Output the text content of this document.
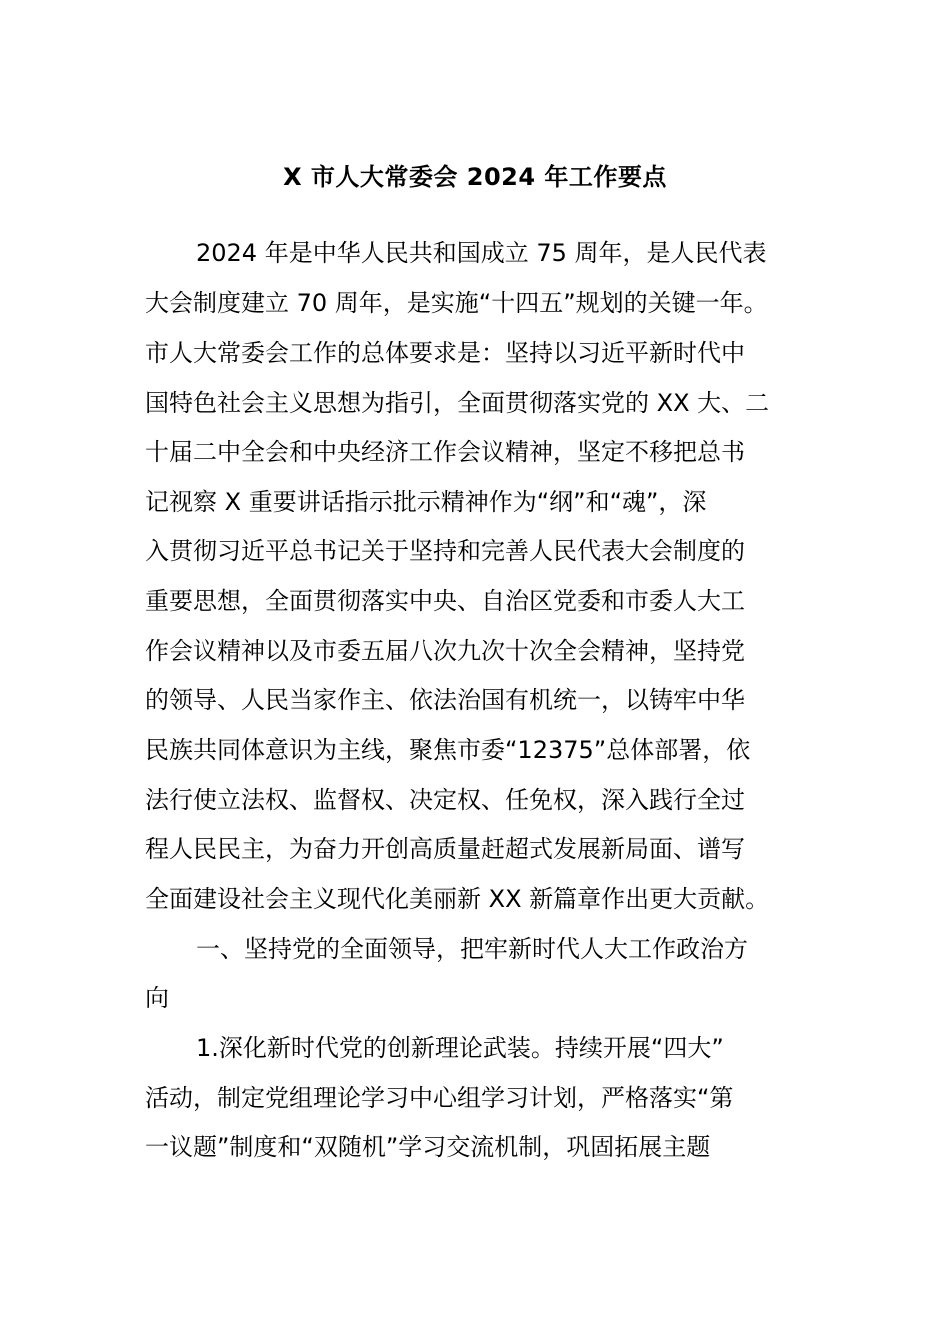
X 市人大常委会 2024 年工作要点
2024 年是中华人民共和国成立 75 周年，是人民代表
大会制度建立 70 周年，是实施“十四五”规划的关键一年。
市人大常委会工作的总体要求是：坚持以习近平新时代中
国特色社会主义思想为指引，全面贯彻落实党的 XX 大、二
十届二中全会和中央经济工作会议精神，坚定不移把总书
记视察 X 重要讲话指示批示精神作为“纲”和“魂”，深
入贯彻习近平总书记关于坚持和完善人民代表大会制度的
重要思想，全面贯彻落实中央、自治区党委和市委人大工
作会议精神以及市委五届八次九次十次全会精神，坚持党
的领导、人民当家作主、依法治国有机统一，以铸牢中华
民族共同体意识为主线，聚焦市委“12375”总体部署，依
法行使立法权、监督权、决定权、任免权，深入践行全过
程人民民主，为奋力开创高质量赶超式发展新局面、谱写
全面建设社会主义现代化美丽新 XX 新篇章作出更大贡献。
一、坚持党的全面领导，把牢新时代人大工作政治方
向
1.深化新时代党的创新理论武装。持续开展“四大”
活动，制定党组理论学习中心组学习计划，严格落实“第
一议题”制度和“双随机”学习交流机制，巩固拓展主题
